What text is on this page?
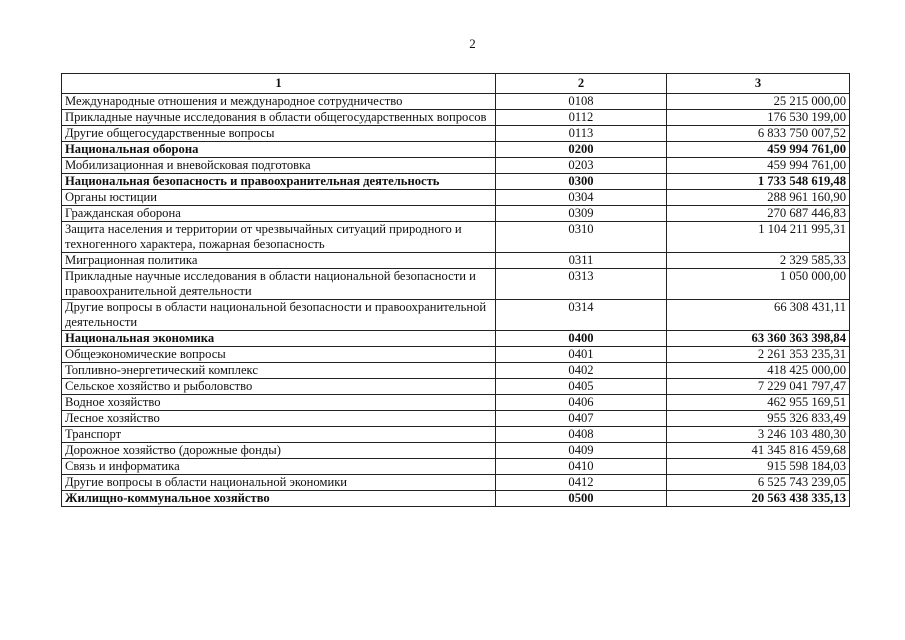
2
1	2	3
Международные отношения и международное сотрудничество	0108	25 215 000,00
Прикладные научные исследования в области общегосударственных вопросов	0112	176 530 199,00
Другие общегосударственные вопросы	0113	6 833 750 007,52
Национальная оборона	0200	459 994 761,00
Мобилизационная и вневойсковая подготовка	0203	459 994 761,00
Национальная безопасность и правоохранительная деятельность	0300	1 733 548 619,48
Органы юстиции	0304	288 961 160,90
Гражданская оборона	0309	270 687 446,83
Защита населения и территории от чрезвычайных ситуаций природного и техногенного характера, пожарная безопасность	0310	1 104 211 995,31
Миграционная политика	0311	2 329 585,33
Прикладные научные исследования в области национальной безопасности и правоохранительной деятельности	0313	1 050 000,00
Другие вопросы в области национальной безопасности и правоохранительной деятельности	0314	66 308 431,11
Национальная экономика	0400	63 360 363 398,84
Общеэкономические вопросы	0401	2 261 353 235,31
Топливно-энергетический комплекс	0402	418 425 000,00
Сельское хозяйство и рыболовство	0405	7 229 041 797,47
Водное хозяйство	0406	462 955 169,51
Лесное хозяйство	0407	955 326 833,49
Транспорт	0408	3 246 103 480,30
Дорожное хозяйство (дорожные фонды)	0409	41 345 816 459,68
Связь и информатика	0410	915 598 184,03
Другие вопросы в области национальной экономики	0412	6 525 743 239,05
Жилищно-коммунальное хозяйство	0500	20 563 438 335,13
